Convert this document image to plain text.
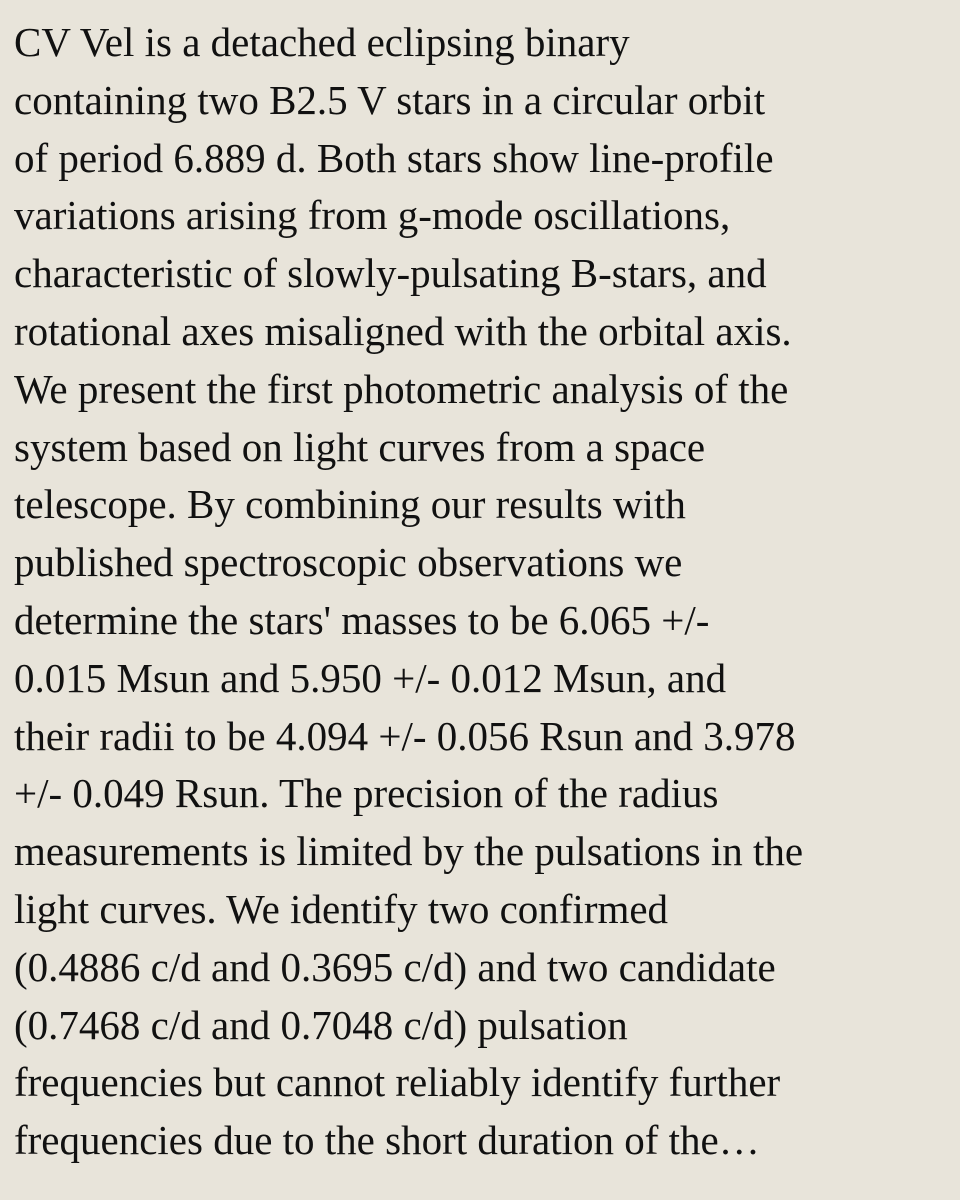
CV Vel is a detached eclipsing binary
containing two B2.5 V stars in a circular orbit
of period 6.889 d. Both stars show line-profile
variations arising from g-mode oscillations,
characteristic of slowly-pulsating B-stars, and
rotational axes misaligned with the orbital axis.
We present the first photometric analysis of the
system based on light curves from a space
telescope. By combining our results with
published spectroscopic observations we
determine the stars' masses to be 6.065 +/-
0.015 Msun and 5.950 +/- 0.012 Msun, and
their radii to be 4.094 +/- 0.056 Rsun and 3.978
+/- 0.049 Rsun. The precision of the radius
measurements is limited by the pulsations in the
light curves. We identify two confirmed
(0.4886 c/d and 0.3695 c/d) and two candidate
(0.7468 c/d and 0.7048 c/d) pulsation
frequencies but cannot reliably identify further
frequencies due to the short duration of the…
